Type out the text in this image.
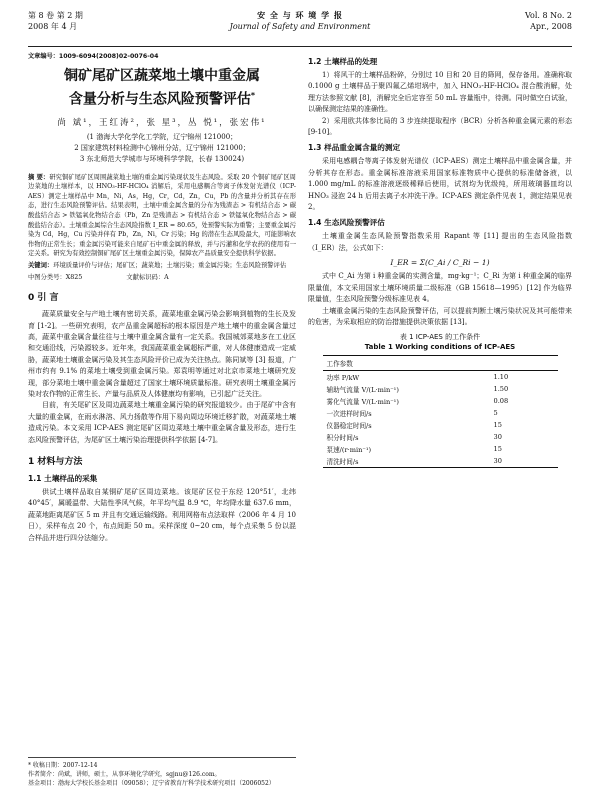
第 8 卷 第 2 期
2008 年 4 月
安 全 与 环 境 学 报
Journal of Safety and Environment
Vol. 8 No. 2
Apr., 2008
文章编号：1009-6094(2008)02-0076-04
铜矿尾矿区蔬菜地土壤中重金属
含量分析与生态风险预警评估*
尚 斌¹，王红涛²，张 星³，丛 悦¹，张宏伟¹
(1 渤海大学化学化工学院，辽宁锦州 121000；
2 国家建筑材料检测中心锦州分站，辽宁锦州 121000；
3 东北师范大学城市与环境科学学院，长春 130024)
摘 要：研究铜矿尾矿区周围蔬菜地土壤的重金属污染现状及生态风险。采取 20 个铜矿尾矿区周边菜地的土壤样本，以 HNO₃-HF-HClO₄ 消解后，采用电感耦合等离子体发射光谱仪（ICP-AES）测定土壤样品中 Mn，Ni，As，Hg，Cr，Cd，Zn，Cu，Pb 的含量并分析其存在形态，进行生态风险预警评估。结果表明，土壤中重金属含量的分布为残渣态 > 有机结合态 > 碳酸盐结合态 > 铁锰氧化物结合态（Pb，Zn 是残渣态 > 有机结合态 > 铁锰氧化物结合态 > 碳酸盐结合态）。土壤重金属综合生态风险指数 I_ER = 80.65，处预警实际为重警；主要重金属污染为 Cd，Hg，Cu 污染并伴有 Pb，Zn，Ni，Cr 污染；Hg 的潜在生态风险最大，可能影响农作物的正常生长；重金属污染可能来自尾矿石中重金属的释放，并与污灌和化学农药的使用有一定关系。研究为有效控制铜矿尾矿区土壤重金属污染，保障农产品质量安全提供科学依据。
关键词：环境质量评价与评估；尾矿区；蔬菜地；土壤污染；重金属污染；生态风险预警评估
中图分类号：X825	文献标识码：A
0 引 言

蔬菜质量安全与产地土壤有密切关系，蔬菜地重金属污染会影响到植物的生长及发育 [1-2]。一些研究表明，农产品重金属超标的根本原因是产地土壤中的重金属含量过高，蔬菜中重金属含量往往与土壤中重金属含量有一定关系。我国城郊菜地多在工业区和交通沿线，污染源较多。近年来，我国蔬菜重金属超标严重，对人体健康造成一定威胁，蔬菜地土壤重金属污染及其生态风险评价已成为关注热点。陈同斌等 [3] 报道，广州市约有 9.1% 的菜地土壤受到重金属污染。郑袁明等通过对北京市菜地土壤研究发现，部分菜地土壤中重金属含量超过了国家土壤环境质量标准。研究表明土壤重金属污染对农作物的正常生长、产量与品质及人体健康均有影响，已引起广泛关注。

目前，有关尾矿区及周边蔬菜地土壤重金属污染的研究报道较少。由于尾矿中含有大量的重金属，在雨水淋溶、风力扬散等作用下易向周边环境迁移扩散，对蔬菜地土壤造成污染。本文采用 ICP-AES 测定尾矿区周边菜地土壤中重金属含量及形态，进行生态风险预警评估，为尾矿区土壤污染治理提供科学依据 [4-7]。

1 材料与方法
1.1 土壤样品的采集

供试土壤样品取自某铜矿尾矿区周边菜地。该尾矿区位于东经 120°51′，北纬 40°45′，属暖温带、大陆性季风气候，年平均气温 8.9 ℃，年均降水量 637.6 mm，蔬菜地距离尾矿区 5 m 并且有交通运输线路。利用网格布点法取样（2006 年 4 月 10 日），采样布点 20 个，布点间距 50 m。采样深度 0~20 cm，每个点采集 5 份以混合样品并进行四分法缩分。

* 收稿日期：2007-12-14
作者简介：尚斌，讲师，硕士，从事环境化学研究，sgjnu@126.com。
基金项目：渤海大学校长基金项目（09058）；辽宁省教育厅科学技术研究项目（2006052）
1.2 土壤样品的处理

1）将风干的土壤样品粉碎，分别过 10 目和 20 目的筛网，保存备用。准确称取 0.1000 g 土壤样品于聚四氟乙烯坩埚中，加入 HNO₃-HF-HClO₄ 混合酸消解，处理方法参照文献 [8]，消解完全后定容至 50 mL 容量瓶中，待测。同时做空白试验，以确保测定结果的准确性。

2）采用欧共体参比局的 3 步连续提取程序（BCR）分析各种重金属元素的形态 [9-10]。

1.3 样品重金属含量的测定

采用电感耦合等离子体发射光谱仪（ICP-AES）测定土壤样品中重金属含量，并分析其存在形态。重金属标准溶液采用国家标准物质中心提供的标准储备液，以 1.000 mg/mL 的标准溶液逐级稀释后使用，试剂均为优级纯，所用玻璃器皿均以 HNO₃ 浸泡 24 h 后用去离子水冲洗干净。ICP-AES 测定条件见表 1，测定结果见表 2。

1.4 生态风险预警评估

土壤重金属生态风险预警指数采用 Rapant 等 [11] 提出的生态风险指数（I_ER）法，公式如下：

I_ER = Σ(C_Ai / C_Ri − 1)

式中 C_Ai 为第 i 种重金属的实测含量，mg·kg⁻¹；C_Ri 为第 i 种重金属的临界限量值，本文采用国家土壤环境质量二级标准（GB 15618—1995）[12] 作为临界限量值，生态风险预警分级标准见表 4。

土壤重金属污染的生态风险预警评估，可以提前判断土壤污染状况及其可能带来的危害，为采取相应的防治措施提供决策依据 [13]。

表 1 ICP-AES 的工作条件
Table 1 Working conditions of ICP-AES
工作参数	
功率 P/kW	1.10
辅助气流量 V/(L·min⁻¹)	1.50
雾化气流量 V/(L·min⁻¹)	0.08
一次进样时间/s	5
仪器稳定时间/s	15
积分时间/s	30
泵速/(r·min⁻¹)	15
清洗时间/s	30
